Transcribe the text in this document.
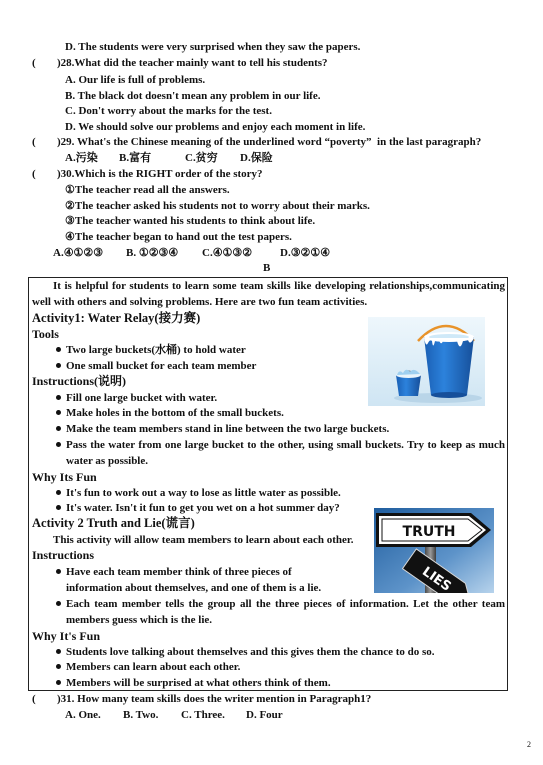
D. The students were very surprised when they saw the papers.
( )28.What did the teacher mainly want to tell his students?
A. Our life is full of problems.
B. The black dot doesn't mean any problem in our life.
C. Don't worry about the marks for the test.
D. We should solve our problems and enjoy each moment in life.
( )29. What's the Chinese meaning of the underlined word “poverty”  in the last paragraph?
A.污染 B.富有	C.贫穷 D.保险
( )30.Which is the RIGHT order of the story?
①The teacher read all the answers.
②The teacher asked his students not to worry about their marks.
③The teacher wanted his students to think about life.
④The teacher began to hand out the test papers.
A.④①②③ B. ①②③④ C.④①③②	D.③②①④
B
It is helpful for students to learn some team skills like developing relationships,communicating well with others and solving problems. Here are two fun team activities.
Activity1: Water Relay(接力赛)
Tools
Two large buckets(水桶) to hold water
One small bucket for each team member
Instructions(说明)
Fill one large bucket with water.
Make holes in the bottom of the small buckets.
Make the team members stand in line between the two large buckets.
Pass the water from one large bucket to the other, using small buckets. Try to keep as much water as possible.
Why Its Fun
It's fun to work out a way to lose as little water as possible.
It's water. Isn't it fun to get you wet on a hot summer day?
Activity 2 Truth and Lie(谎言)
This activity will allow team members to learn about each other.
Instructions
Have each team member think of three pieces of information about themselves, and one of them is a lie.
Each team member tells the group all the three pieces of information. Let the other team members guess which is the lie.
Why It's Fun
Students love talking about themselves and this gives them the chance to do so.
Members can learn about each other.
Members will be surprised at what others think of them.
TRUTH
LIES
( )31. How many team skills does the writer mention in Paragraph1?
A. One. B. Two. C. Three. D. Four
2
